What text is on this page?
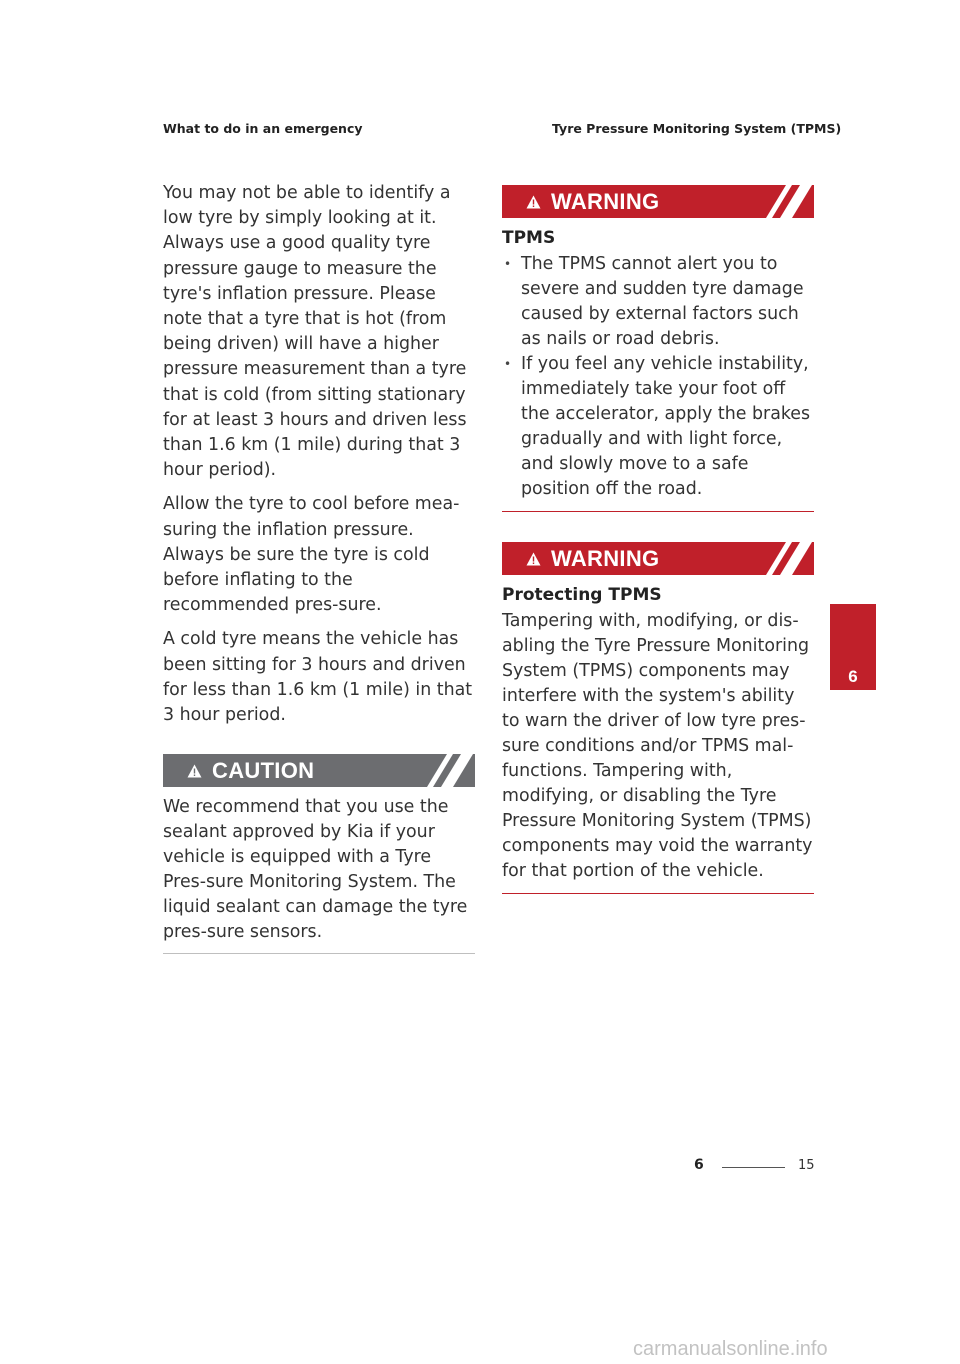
What to do in an emergency	Tyre Pressure Monitoring System (TPMS)

You may not be able to identify a low tyre by simply looking at it. Always use a good quality tyre pressure gauge to measure the tyre's inflation pressure. Please note that a tyre that is hot (from being driven) will have a higher pressure measurement than a tyre that is cold (from sitting stationary for at least 3 hours and driven less than 1.6 km (1 mile) during that 3 hour period).

Allow the tyre to cool before mea-suring the inflation pressure. Always be sure the tyre is cold before inflating to the recommended pres-sure.

A cold tyre means the vehicle has been sitting for 3 hours and driven for less than 1.6 km (1 mile) in that 3 hour period.

CAUTION

We recommend that you use the sealant approved by Kia if your vehicle is equipped with a Tyre Pres-sure Monitoring System. The liquid sealant can damage the tyre pres-sure sensors.

WARNING
TPMS
• The TPMS cannot alert you to severe and sudden tyre damage caused by external factors such as nails or road debris.
• If you feel any vehicle instability, immediately take your foot off the accelerator, apply the brakes gradually and with light force, and slowly move to a safe position off the road.
WARNING
Protecting TPMS

Tampering with, modifying, or dis-abling the Tyre Pressure Monitoring System (TPMS) components may interfere with the system's ability to warn the driver of low tyre pres-sure conditions and/or TPMS mal-functions. Tampering with, modifying, or disabling the Tyre Pressure Monitoring System (TPMS) components may void the warranty for that portion of the vehicle.

6
6	15
carmanualsonline.info
